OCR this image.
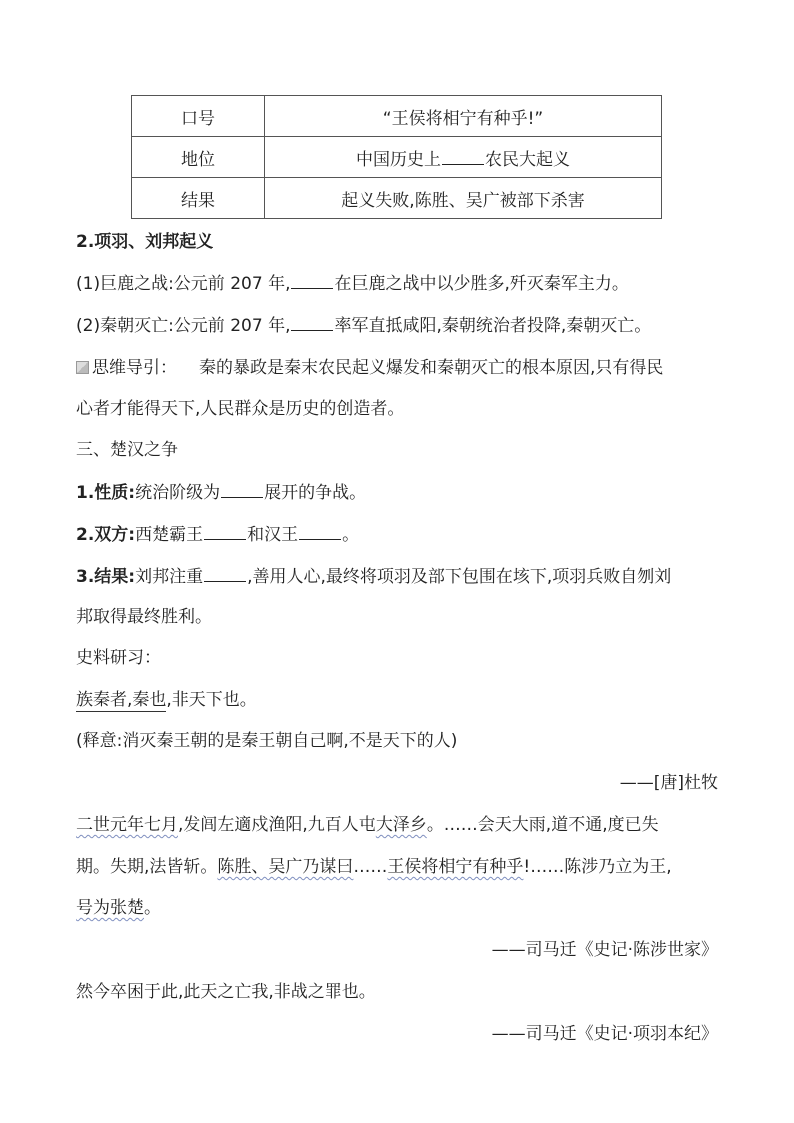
口号	“王侯将相宁有种乎!”
地位	中国历史上 农民大起义
结果	起义失败,陈胜、吴广被部下杀害
2.项羽、刘邦起义
(1)巨鹿之战:公元前 207 年,	在巨鹿之战中以少胜多,歼灭秦军主力。
(2)秦朝灭亡:公元前 207 年,	率军直抵咸阳,秦朝统治者投降,秦朝灭亡。
思维导引： 秦的暴政是秦末农民起义爆发和秦朝灭亡的根本原因,只有得民
心者才能得天下,人民群众是历史的创造者。
三、楚汉之争
1.性质:统治阶级为	展开的争战。
2.双方:西楚霸王	和汉王	。
3.结果:刘邦注重	,善用人心,最终将项羽及部下包围在垓下,项羽兵败自刎刘
邦取得最终胜利。
史料研习：
族秦者,秦也,非天下也。
(释意:消灭秦王朝的是秦王朝自己啊,不是天下的人)
——[唐]杜牧
二世元年七月,发闾左適戍渔阳,九百人屯大泽乡。……会天大雨,道不通,度已失
期。失期,法皆斩。陈胜、吴广乃谋曰……王侯将相宁有种乎!……陈涉乃立为王,
号为张楚。
——司马迁《史记·陈涉世家》
然今卒困于此,此天之亡我,非战之罪也。
——司马迁《史记·项羽本纪》
